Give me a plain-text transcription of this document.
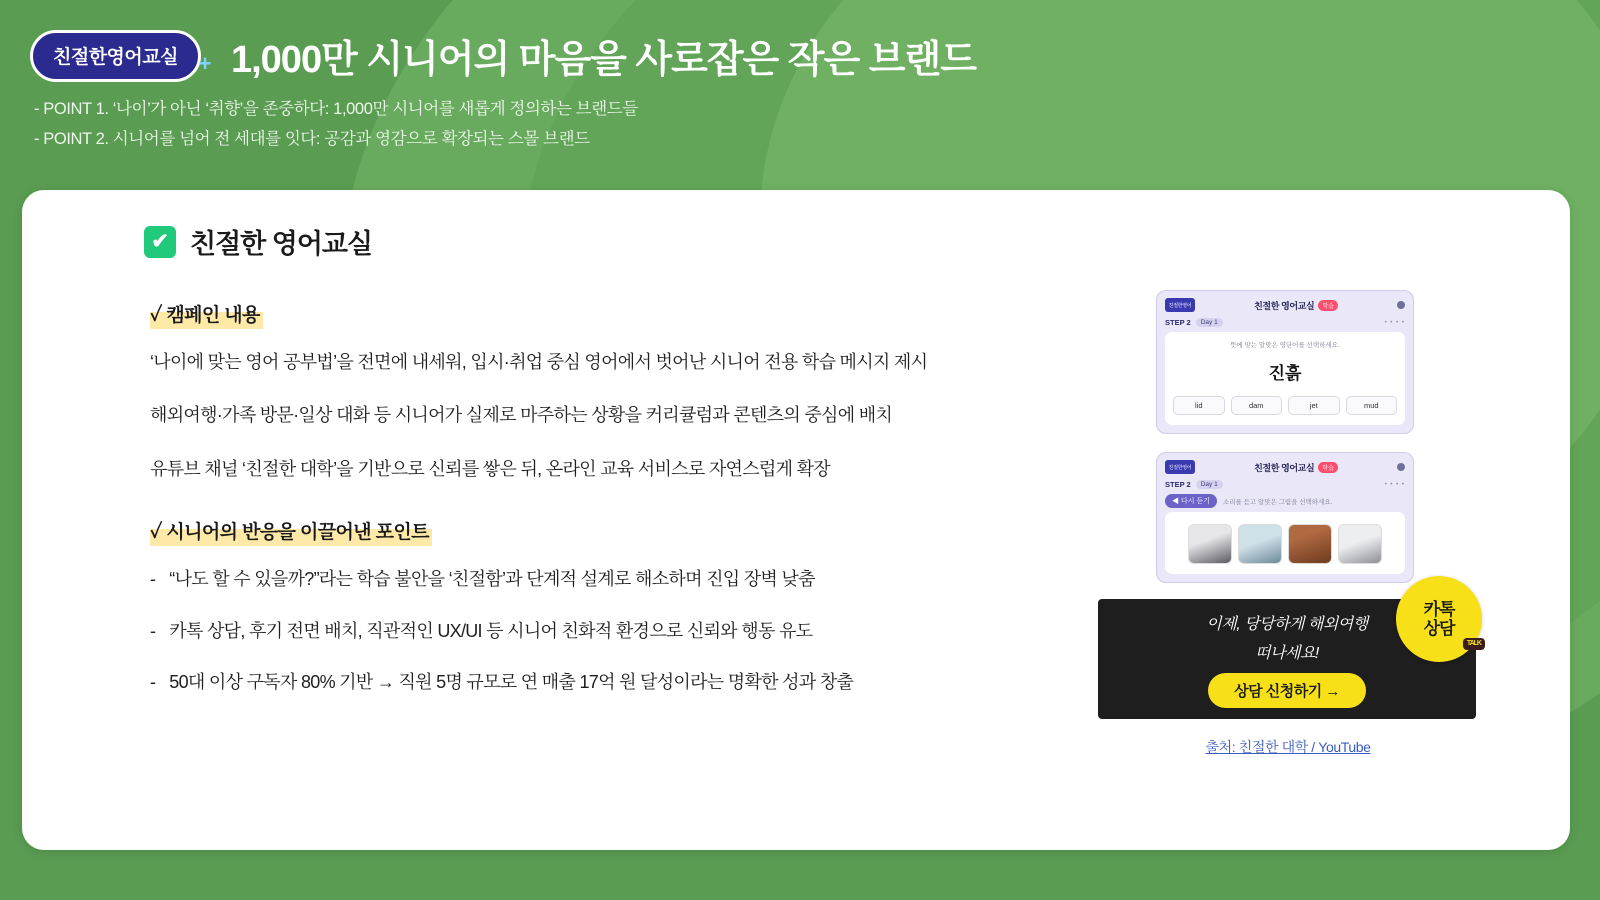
친절한영어교실 + 1,000만 시니어의 마음을 사로잡은 작은 브랜드
- POINT 1. ‘나이’가 아닌 ‘취향’을 존중하다: 1,000만 시니어를 새롭게 정의하는 브랜드들
- POINT 2. 시니어를 넘어 전 세대를 잇다: 공감과 영감으로 확장되는 스몰 브랜드
✔ 친절한 영어교실
✓ 캠페인 내용
‘나이에 맞는 영어 공부법’을 전면에 내세워, 입시·취업 중심 영어에서 벗어난 시니어 전용 학습 메시지 제시
해외여행·가족 방문·일상 대화 등 시니어가 실제로 마주하는 상황을 커리큘럼과 콘텐츠의 중심에 배치
유튜브 채널 ‘친절한 대학’을 기반으로 신뢰를 쌓은 뒤, 온라인 교육 서비스로 자연스럽게 확장
✓ 시니어의 반응을 이끌어낸 포인트
- “나도 할 수 있을까?”라는 학습 불안을 ‘친절함’과 단계적 설계로 해소하며 진입 장벽 낮춤
- 카톡 상담, 후기 전면 배치, 직관적인 UX/UI 등 시니어 친화적 환경으로 신뢰와 행동 유도
- 50대 이상 구독자 80% 기반 → 직원 5명 규모로 연 매출 17억 원 달성이라는 명확한 성과 창출
친절한영어	친절한 영어교실	학습
STEP 2	Day 1	• • • •
뜻에 맞는 알맞은 영단어를 선택하세요.
진흙
lid	dam	jet	mud
친절한영어	친절한 영어교실	학습
STEP 2	Day 1	• • • •
◀ 다시 듣기	소리를 듣고 알맞은 그림을 선택하세요.
카톡
상담
TALK
이제, 당당하게 해외여행
떠나세요!
상담 신청하기 →
출처: 친절한 대학 / YouTube
